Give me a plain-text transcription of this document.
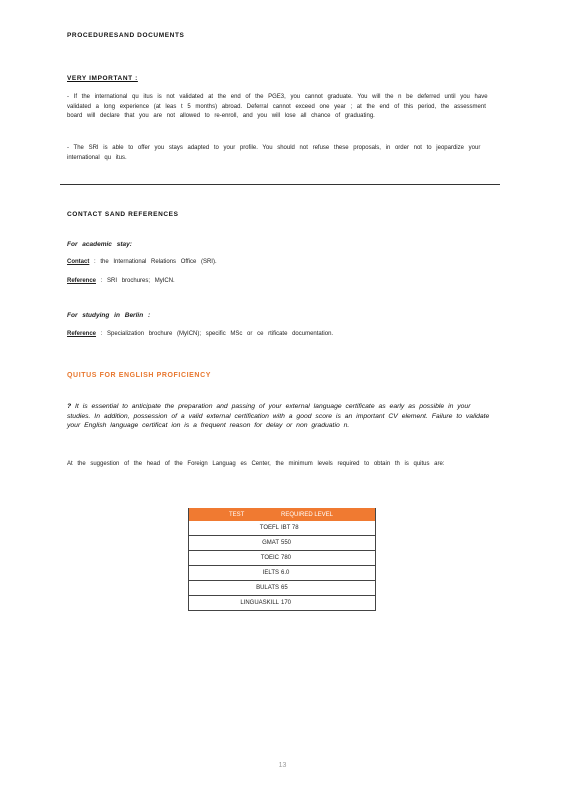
PROCEDURESAND DOCUMENTS
VERY IMPORTANT :
- If the international qu itus is not validated at the end of the PGE3, you cannot graduate. You will the n be deferred until you have validated a long experience (at leas t 5 months) abroad. Deferral cannot exceed one year ; at the end of this period, the assessment board will declare that you are not allowed to re-enroll, and you will lose all chance of graduating.
- The SRI is able to offer you stays adapted to your profile. You should not refuse these proposals, in order not to jeopardize your international qu itus.
CONTACT SAND REFERENCES
For academic stay:
Contact : the International Relations Office (SRI).
Reference : SRI brochures; MyICN.
For studying in Berlin :
Reference : Specialization brochure (MyICN); specific MSc or ce rtificate documentation.
QUITUS FOR ENGLISH PROFICIENCY
? It is essential to anticipate the preparation and passing of your external language certificate as early as possible in your studies. In addition, possession of a valid external certification with a good score is an important CV element. Failure to validate your English language certificat ion is a frequent reason for delay or non graduatio n.
At the suggestion of the head of the Foreign Languag es Center, the minimum levels required to obtain th is quitus are:
TEST	REQUIRED LEVEL
TOEFL	IBT 78
GMAT	550
TOEIC	780
IELTS	6.0
BULATS	65
LINGUASKILL	170
13
